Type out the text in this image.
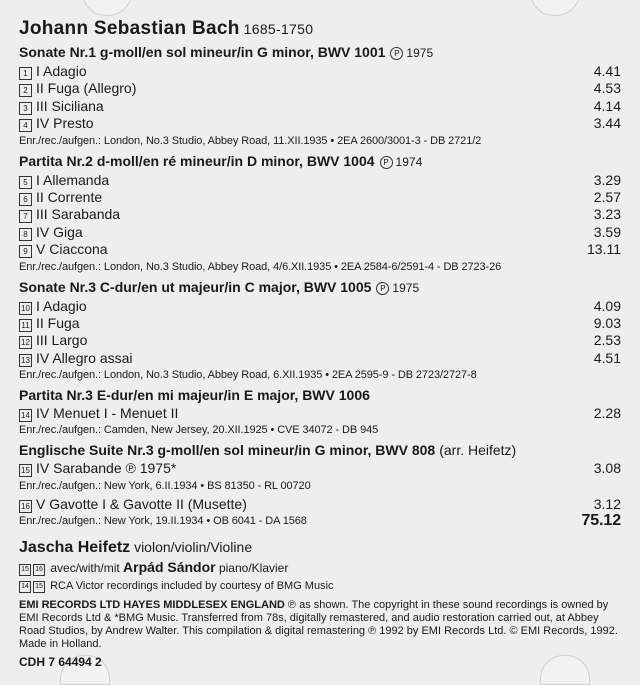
Johann Sebastian Bach 1685-1750
Sonate Nr.1 g-moll/en sol mineur/in G minor, BWV 1001 P 1975
1 I Adagio	4.41
2 II Fuga (Allegro)	4.53
3 III Siciliana	4.14
4 IV Presto	3.44
Enr./rec./aufgen.: London, No.3 Studio, Abbey Road, 11.XII.1935 • 2EA 2600/3001-3 - DB 2721/2
Partita Nr.2 d-moll/en ré mineur/in D minor, BWV 1004 P 1974
5 I Allemanda	3.29
6 II Corrente	2.57
7 III Sarabanda	3.23
8 IV Giga	3.59
9 V Ciaccona	13.11
Enr./rec./aufgen.: London, No.3 Studio, Abbey Road, 4/6.XII.1935 • 2EA 2584-6/2591-4 - DB 2723-26
Sonate Nr.3 C-dur/en ut majeur/in C major, BWV 1005 P 1975
10 I Adagio	4.09
11 II Fuga	9.03
12 III Largo	2.53
13 IV Allegro assai	4.51
Enr./rec./aufgen.: London, No.3 Studio, Abbey Road, 6.XII.1935 • 2EA 2595-9 - DB 2723/2727-8
Partita Nr.3 E-dur/en mi majeur/in E major, BWV 1006
14 IV Menuet I - Menuet II	2.28
Enr./rec./aufgen.: Camden, New Jersey, 20.XII.1925 • CVE 34072 - DB 945
Englische Suite Nr.3 g-moll/en sol mineur/in G minor, BWV 808 (arr. Heifetz)
15 IV Sarabande ℗ 1975*	3.08
Enr./rec./aufgen.: New York, 6.II.1934 • BS 81350 - RL 00720
16 V Gavotte I & Gavotte II (Musette)	3.12
Enr./rec./aufgen.: New York, 19.II.1934 • OB 6041 - DA 1568	75.12
Jascha Heifetz violon/violin/Violine
15 16 avec/with/mit Arpád Sándor piano/Klavier
14 15 RCA Victor recordings included by courtesy of BMG Music
EMI RECORDS LTD HAYES MIDDLESEX ENGLAND ℗ as shown. The copyright in these sound recordings is owned by EMI Records Ltd & *BMG Music. Transferred from 78s, digitally remastered, and audio restoration carried out, at Abbey Road Studios, by Andrew Walter. This compilation & digital remastering ℗ 1992 by EMI Records Ltd. © EMI Records, 1992. Made in Holland.
CDH 7 64494 2
